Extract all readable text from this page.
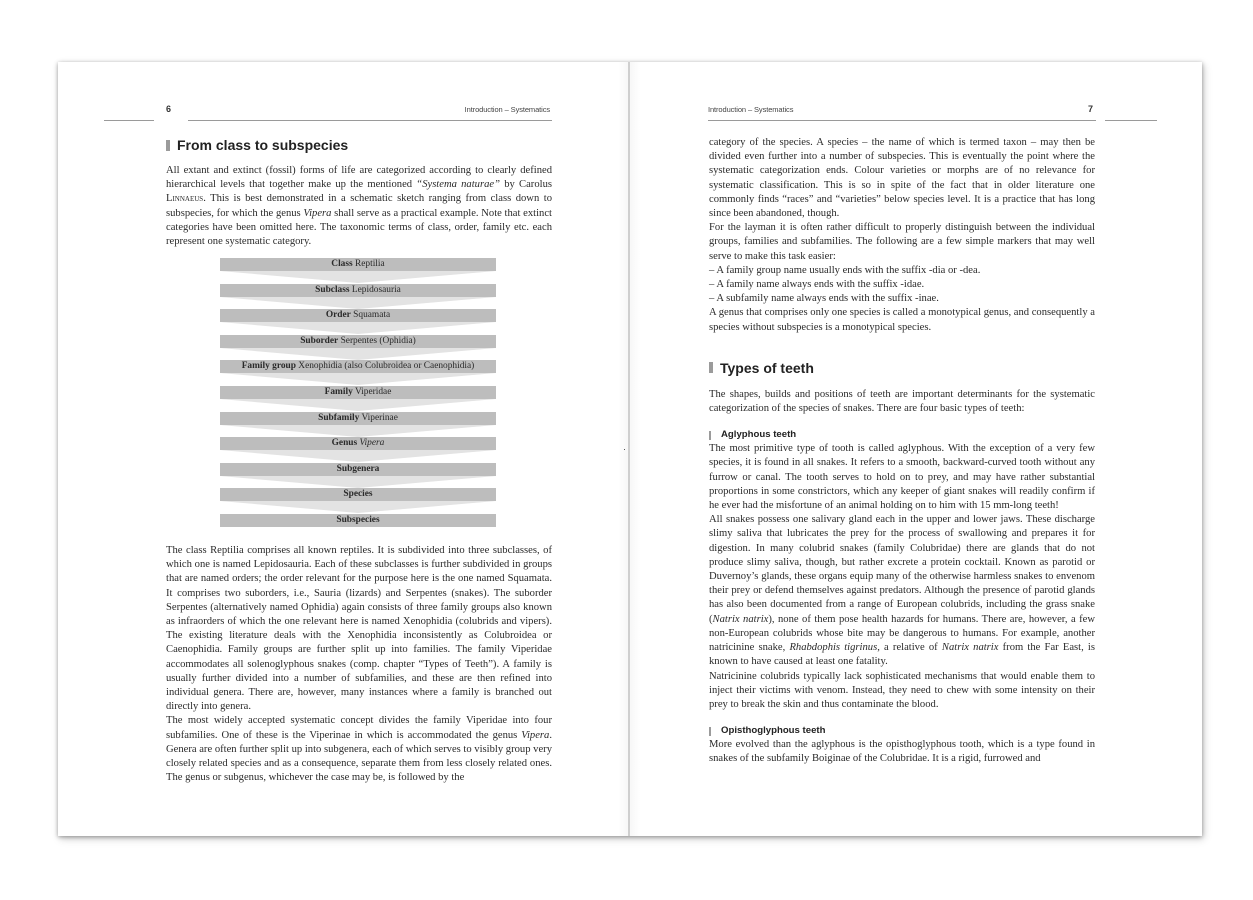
6	Introduction – Systematics
From class to subspecies

All extant and extinct (fossil) forms of life are categorized according to clearly defined hierarchical levels that together make up the mentioned “Systema naturae” by Carolus Linnaeus. This is best demonstrated in a schematic sketch ranging from class down to subspecies, for which the genus Vipera shall serve as a practical example. Note that extinct categories have been omitted here. The taxonomic terms of class, order, family etc. each represent one systematic category.

Class Reptilia
Subclass Lepidosauria
Order Squamata
Suborder Serpentes (Ophidia)
Family group Xenophidia (also Colubroidea or Caenophidia)
Family Viperidae
Subfamily Viperinae
Genus Vipera
Subgenera
Species
Subspecies

The class Reptilia comprises all known reptiles. It is subdivided into three subclasses, of which one is named Lepidosauria. Each of these subclasses is further subdivided in groups that are named orders; the order relevant for the purpose here is the one named Squamata. It comprises two suborders, i.e., Sauria (lizards) and Serpentes (snakes). The suborder Serpentes (alternatively named Ophidia) again consists of three family groups also known as infraorders of which the one relevant here is named Xenophidia (colubrids and vipers). The existing literature deals with the Xenophidia inconsistently as Colubroidea or Caenophidia. Family groups are further split up into families. The family Viperidae accommodates all solenoglyphous snakes (comp. chapter “Types of Teeth”). A family is usually further divided into a number of subfamilies, and these are then refined into individual genera. There are, however, many instances where a family is branched out directly into genera.

The most widely accepted systematic concept divides the family Viperidae into four subfamilies. One of these is the Viperinae in which is accommodated the genus Vipera. Genera are often further split up into subgenera, each of which serves to visibly group very closely related species and as a consequence, separate them from less closely related ones. The genus or subgenus, whichever the case may be, is followed by the

Introduction – Systematics	7

category of the species. A species – the name of which is termed taxon – may then be divided even further into a number of subspecies. This is eventually the point where the systematic categorization ends. Colour varieties or morphs are of no relevance for systematic classification. This is so in spite of the fact that in older literature one commonly finds “races” and “varieties” below species level. It is a practice that has long since been abandoned, though.

For the layman it is often rather difficult to properly distinguish between the individual groups, families and subfamilies. The following are a few simple markers that may well serve to make this task easier:

– A family group name usually ends with the suffix -dia or -dea.

– A family name always ends with the suffix -idae.

– A subfamily name always ends with the suffix -inae.

A genus that comprises only one species is called a monotypical genus, and consequently a species without subspecies is a monotypical species.

Types of teeth

The shapes, builds and positions of teeth are important determinants for the systematic categorization of the species of snakes. There are four basic types of teeth:

Aglyphous teeth

The most primitive type of tooth is called aglyphous. With the exception of a very few species, it is found in all snakes. It refers to a smooth, backward-curved tooth without any furrow or canal. The tooth serves to hold on to prey, and may have rather substantial proportions in some constrictors, which any keeper of giant snakes will readily confirm if he ever had the misfortune of an animal holding on to him with 15 mm-long teeth!

All snakes possess one salivary gland each in the upper and lower jaws. These discharge slimy saliva that lubricates the prey for the process of swallowing and prepares it for digestion. In many colubrid snakes (family Colubridae) there are glands that do not produce slimy saliva, though, but rather excrete a protein cocktail. Known as parotid or Duvernoy’s glands, these organs equip many of the otherwise harmless snakes to envenom their prey or defend themselves against predators. Although the presence of parotid glands has also been documented from a range of European colubrids, including the grass snake (Natrix natrix), none of them pose health hazards for humans. There are, however, a few non-European colubrids whose bite may be dangerous to humans. For example, another natricinine snake, Rhabdophis tigrinus, a relative of Natrix natrix from the Far East, is known to have caused at least one fatality.

Natricinine colubrids typically lack sophisticated mechanisms that would enable them to inject their victims with venom. Instead, they need to chew with some intensity on their prey to break the skin and thus contaminate the blood.

Opisthoglyphous teeth

More evolved than the aglyphous is the opisthoglyphous tooth, which is a type found in snakes of the subfamily Boiginae of the Colubridae. It is a rigid, furrowed and
